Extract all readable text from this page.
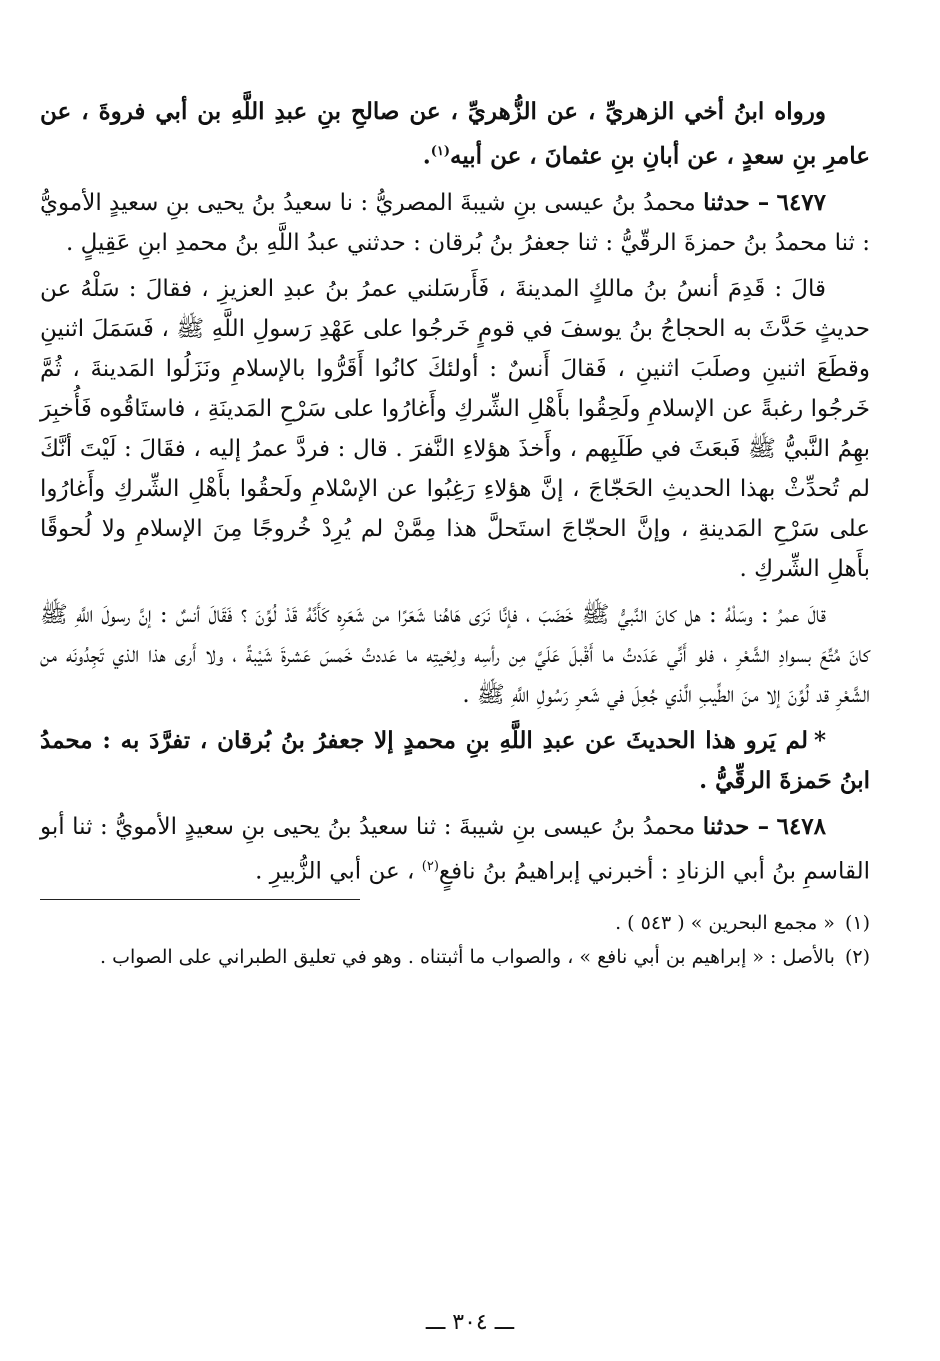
ورواه ابنُ أخي الزهريِّ ، عن الزُّهريِّ ، عن صالحِ بنِ عبدِ اللَّهِ بن أبي فروةَ ، عن عامرِ بنِ سعدٍ ، عن أبانِ بنِ عثمانَ ، عن أبيه$^{(١)}$.

٦٤٧٧ – حدثنا محمدُ بنُ عيسى بنِ شيبةَ المصريُّ : نا سعيدُ بنُ يحيى بنِ سعيدٍ الأمويُّ : ثنا محمدُ بنُ حمزةَ الرقّيُّ : ثنا جعفرُ بنُ بُرقان : حدثني عبدُ اللَّهِ بنُ محمدِ ابنِ عَقِيلٍ .

قالَ : قَدِمَ أنسُ بنُ مالكٍ المدينةَ ، فَأَرسَلني عمرُ بنُ عبدِ العزيزِ ، فقالَ : سَلْهُ عن حديثٍ حَدَّثَ به الحجاجُ بنُ يوسفَ في قومٍ خَرجُوا على عَهْدِ رَسولِ اللَّهِ ﷺ ، فَسَمَلَ اثنينِ وقطَعَ اثنينِ وصلَبَ اثنينِ ، فَقالَ أَنسٌ : أولئكَ كانُوا أَقَرُّوا بالإسلامِ ونَزَلُوا المَدينةَ ، ثُمَّ خَرجُوا رغبةً عن الإسلامِ ولَحِقُوا بأَهْلِ الشِّركِ وأَغارُوا على سَرْحِ المَدينَةِ ، فاستَاقُوه فَأُخبِرَ بهِمُ النَّبيُّ ﷺ فَبعَثَ في طَلَبِهم ، وأَخذَ هؤلاءِ النَّفرَ . قال : فردَّ عمرُ إليه ، فقَالَ : لَيْتَ أنَّكَ لم تُحدِّثْ بهذا الحديثِ الحَجّاجَ ، إنَّ هؤلاءِ رَغِبُوا عن الإسْلامِ ولَحقُوا بأَهْلِ الشِّركِ وأَغارُوا على سَرْحِ المَدينةِ ، وإنَّ الحجّاجَ استَحلَّ هذا مِمَّنْ لم يُرِدْ خُروجًا مِنَ الإسلامِ ولا لُحوقًا بأَهلِ الشِّركِ .

قالَ عمرُ : وسَلْهُ : هل كانَ النَّبيُّ ﷺ خَضَبَ ، فإنَّا نَرَى هَاهُنا شَعَرًا من شَعَرِه كَأَنَّهُ قَدْ لُوِّنَ ؟ فَقَالَ أنسٌ : إنَّ رسولَ اللَّهِ ﷺ كانَ مُتِّعَ بسوادِ الشَّعْرِ ، فلو أَنِّي عَدَدتُ ما أَقْبلَ عَلَيَّ مِن رأسِه ولِحْيتِه ما عَددتُ خَمسَ عَشرةَ شَيْبةً ، ولا أَرى هذا الذي تَجِدُونَه من الشَّعْرِ قد لُوِّنَ إلا منَ الطِّيبِ الَّذي جُعِلَ في شَعرِ رَسُولِ اللَّهِ ﷺ .

*لم يَرو هذا الحديثَ عن عبدِ اللَّهِ بنِ محمدٍ إلا جعفرُ بنُ بُرقان ، تفرَّدَ به : محمدُ ابنُ حَمزةَ الرقِّيُّ .

٦٤٧٨ – حدثنا محمدُ بنُ عيسى بنِ شيبةَ : ثنا سعيدُ بنُ يحيى بنِ سعيدٍ الأمويُّ : ثنا أبو القاسمِ بنُ أبي الزنادِ : أخبرني إبراهيمُ بنُ نافعٍ$^{(٢)}$ ، عن أبي الزُّبيرِ .

(١)« مجمع البحرين » ( ٥٤٣ ) .

(٢)بالأصل : « إبراهيم بن أبي نافع » ، والصواب ما أثبتناه . وهو في تعليق الطبراني على الصواب .

ـــ ٣٠٤ ـــ
